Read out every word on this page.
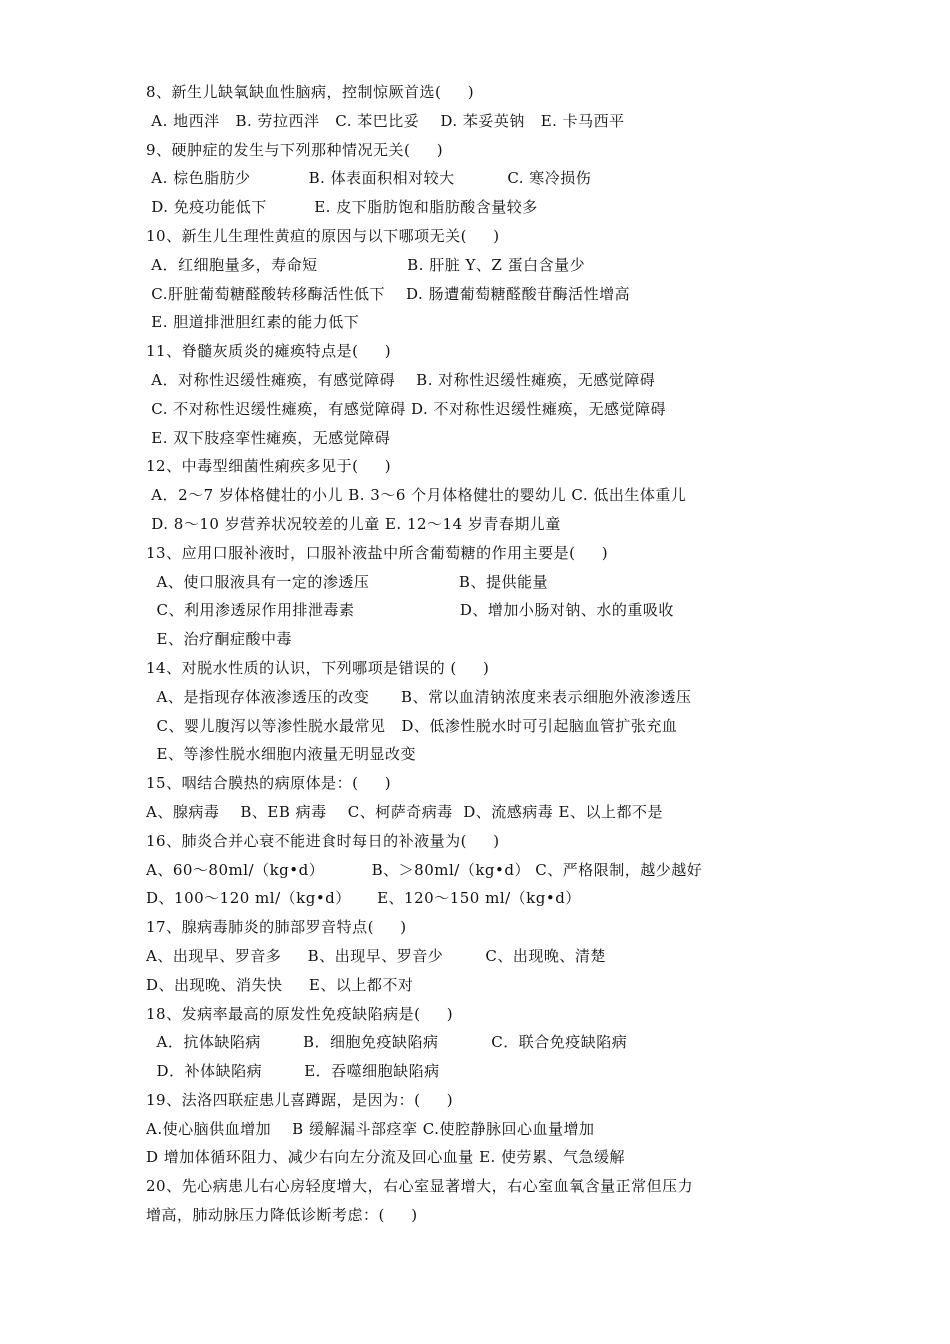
8、新生儿缺氧缺血性脑病，控制惊厥首选(     )
A. 地西泮   B. 劳拉西泮   C. 苯巴比妥    D. 苯妥英钠   E. 卡马西平
9、硬肿症的发生与下列那种情况无关(     )
A. 棕色脂肪少           B. 体表面积相对较大          C. 寒冷损伤
D. 免疫功能低下         E. 皮下脂肪饱和脂肪酸含量较多
10、新生儿生理性黄疸的原因与以下哪项无关(     )
A．红细胞量多，寿命短                 B. 肝脏 Y、Z 蛋白含量少
C.肝脏葡萄糖醛酸转移酶活性低下    D. 肠遭葡萄糖醛酸苷酶活性增高
E. 胆道排泄胆红素的能力低下
11、脊髓灰质炎的瘫痪特点是(     )
A．对称性迟缓性瘫痪，有感觉障碍    B. 对称性迟缓性瘫痪，无感觉障碍
C. 不对称性迟缓性瘫痪，有感觉障碍 D. 不对称性迟缓性瘫痪，无感觉障碍
E. 双下肢痉挛性瘫痪，无感觉障碍
12、中毒型细菌性痢疾多见于(     )
A．2～7 岁体格健壮的小儿 B. 3～6 个月体格健壮的婴幼儿 C. 低出生体重儿
D. 8～10 岁营养状况较差的儿童 E. 12～14 岁青春期儿童
13、应用口服补液时，口服补液盐中所含葡萄糖的作用主要是(     )
A、使口服液具有一定的渗透压                 B、提供能量
C、利用渗透尿作用排泄毒素                    D、增加小肠对钠、水的重吸收
E、治疗酮症酸中毒
14、对脱水性质的认识，下列哪项是错误的 (     )
A、是指现存体液渗透压的改变      B、常以血清钠浓度来表示细胞外液渗透压
C、婴儿腹泻以等渗性脱水最常见   D、低渗性脱水时可引起脑血管扩张充血
E、等渗性脱水细胞内液量无明显改变
15、咽结合膜热的病原体是：(     )
A、腺病毒    B、EB 病毒    C、柯萨奇病毒  D、流感病毒 E、以上都不是
16、肺炎合并心衰不能进食时每日的补液量为(     )
A、60～80ml/（kg•d）         B、＞80ml/（kg•d） C、严格限制，越少越好
D、100～120 ml/（kg•d）     E、120～150 ml/（kg•d）
17、腺病毒肺炎的肺部罗音特点(     )
A、出现早、罗音多     B、出现早、罗音少        C、出现晚、清楚
D、出现晚、消失快     E、以上都不对
18、发病率最高的原发性免疫缺陷病是(     )
A．抗体缺陷病        B．细胞免疫缺陷病          C．联合免疫缺陷病
D．补体缺陷病        E．吞噬细胞缺陷病
19、法洛四联症患儿喜蹲踞，是因为：(     )
A.使心脑供血增加    B 缓解漏斗部痉挛 C.使腔静脉回心血量增加
D 增加体循环阻力、减少右向左分流及回心血量 E. 使劳累、气急缓解
20、先心病患儿右心房轻度增大，右心室显著增大，右心室血氧含量正常但压力
增高，肺动脉压力降低诊断考虑：(     )
